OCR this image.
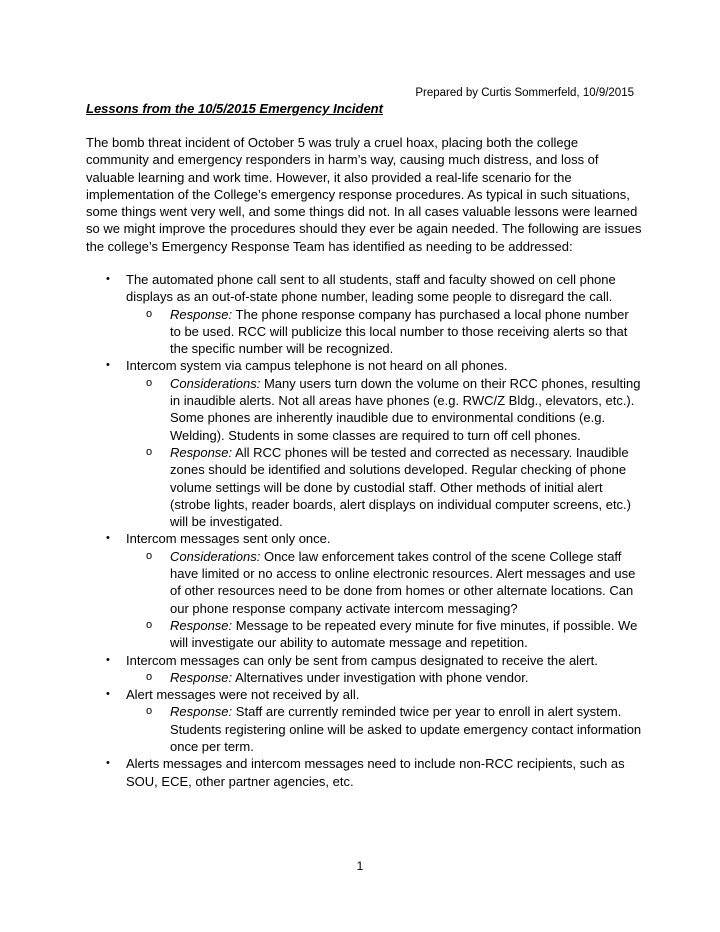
Prepared by Curtis Sommerfeld, 10/9/2015
Lessons from the 10/5/2015 Emergency Incident

The bomb threat incident of October 5 was truly a cruel hoax, placing both the college community and emergency responders in harm’s way, causing much distress, and loss of valuable learning and work time. However, it also provided a real-life scenario for the implementation of the College’s emergency response procedures. As typical in such situations, some things went very well, and some things did not. In all cases valuable lessons were learned so we might improve the procedures should they ever be again needed. The following are issues the college’s Emergency Response Team has identified as needing to be addressed:

• The automated phone call sent to all students, staff and faculty showed on cell phone displays as an out-of-state phone number, leading some people to disregard the call.
o Response: The phone response company has purchased a local phone number to be used. RCC will publicize this local number to those receiving alerts so that the specific number will be recognized.
• Intercom system via campus telephone is not heard on all phones.
o Considerations: Many users turn down the volume on their RCC phones, resulting in inaudible alerts. Not all areas have phones (e.g. RWC/Z Bldg., elevators, etc.). Some phones are inherently inaudible due to environmental conditions (e.g. Welding). Students in some classes are required to turn off cell phones.
o Response: All RCC phones will be tested and corrected as necessary. Inaudible zones should be identified and solutions developed. Regular checking of phone volume settings will be done by custodial staff. Other methods of initial alert (strobe lights, reader boards, alert displays on individual computer screens, etc.) will be investigated.
• Intercom messages sent only once.
o Considerations: Once law enforcement takes control of the scene College staff have limited or no access to online electronic resources. Alert messages and use of other resources need to be done from homes or other alternate locations. Can our phone response company activate intercom messaging?
o Response: Message to be repeated every minute for five minutes, if possible. We will investigate our ability to automate message and repetition.
• Intercom messages can only be sent from campus designated to receive the alert.
o Response: Alternatives under investigation with phone vendor.
• Alert messages were not received by all.
o Response: Staff are currently reminded twice per year to enroll in alert system. Students registering online will be asked to update emergency contact information once per term.
• Alerts messages and intercom messages need to include non-RCC recipients, such as SOU, ECE, other partner agencies, etc.
1
